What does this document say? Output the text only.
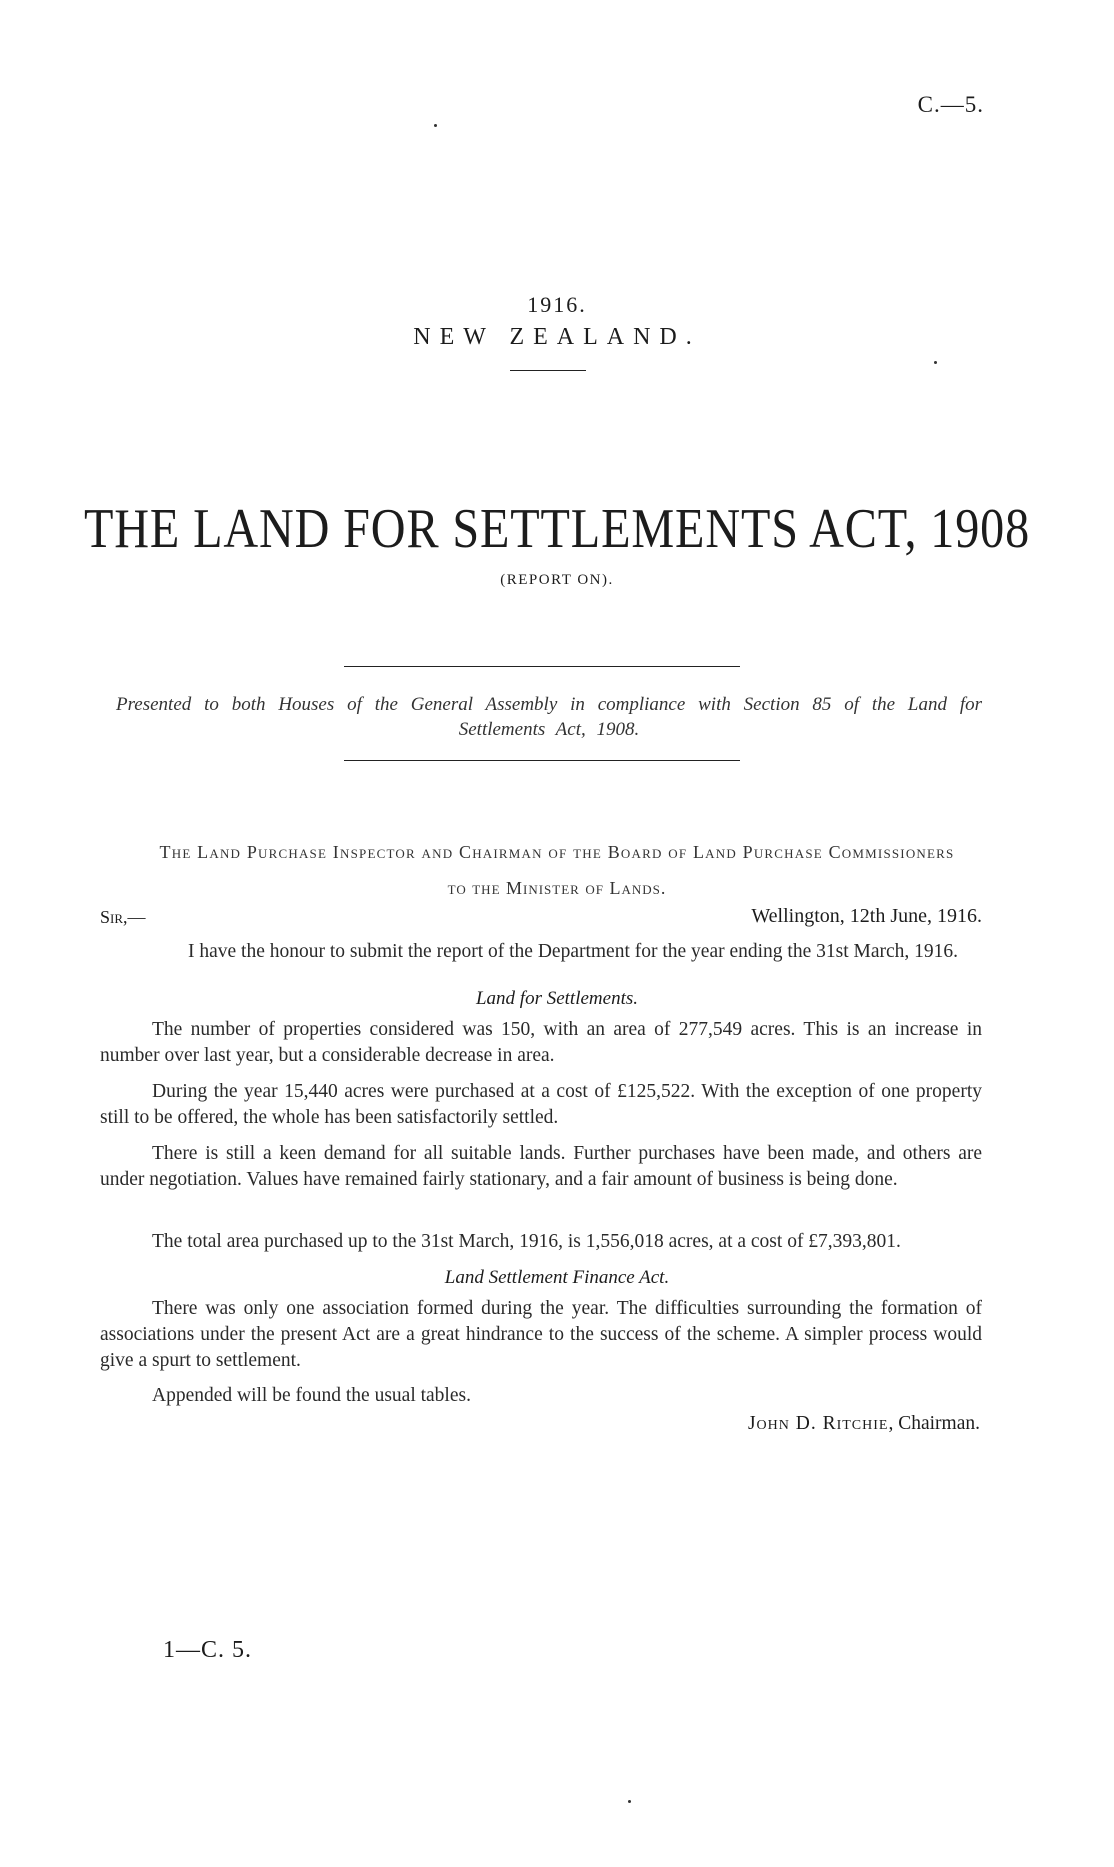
C.—5.
1916.
NEW ZEALAND.
THE LAND FOR SETTLEMENTS ACT, 1908
(REPORT ON).
Presented to both Houses of the General Assembly in compliance with Section 85 of the Land for Settlements Act, 1908.
The Land Purchase Inspector and Chairman of the Board of Land Purchase Commissioners
to the Minister of Lands.
Sir,—	Wellington, 12th June, 1916.
I have the honour to submit the report of the Department for the year ending the 31st March, 1916.
Land for Settlements.
The number of properties considered was 150, with an area of 277,549 acres. This is an increase in number over last year, but a considerable decrease in area.
During the year 15,440 acres were purchased at a cost of £125,522. With the exception of one property still to be offered, the whole has been satisfactorily settled.
There is still a keen demand for all suitable lands. Further purchases have been made, and others are under negotiation. Values have remained fairly stationary, and a fair amount of business is being done.
The total area purchased up to the 31st March, 1916, is 1,556,018 acres, at a cost of £7,393,801.
Land Settlement Finance Act.
There was only one association formed during the year. The difficulties surrounding the formation of associations under the present Act are a great hindrance to the success of the scheme. A simpler process would give a spurt to settlement.
Appended will be found the usual tables.
John D. Ritchie, Chairman.
1—C. 5.
